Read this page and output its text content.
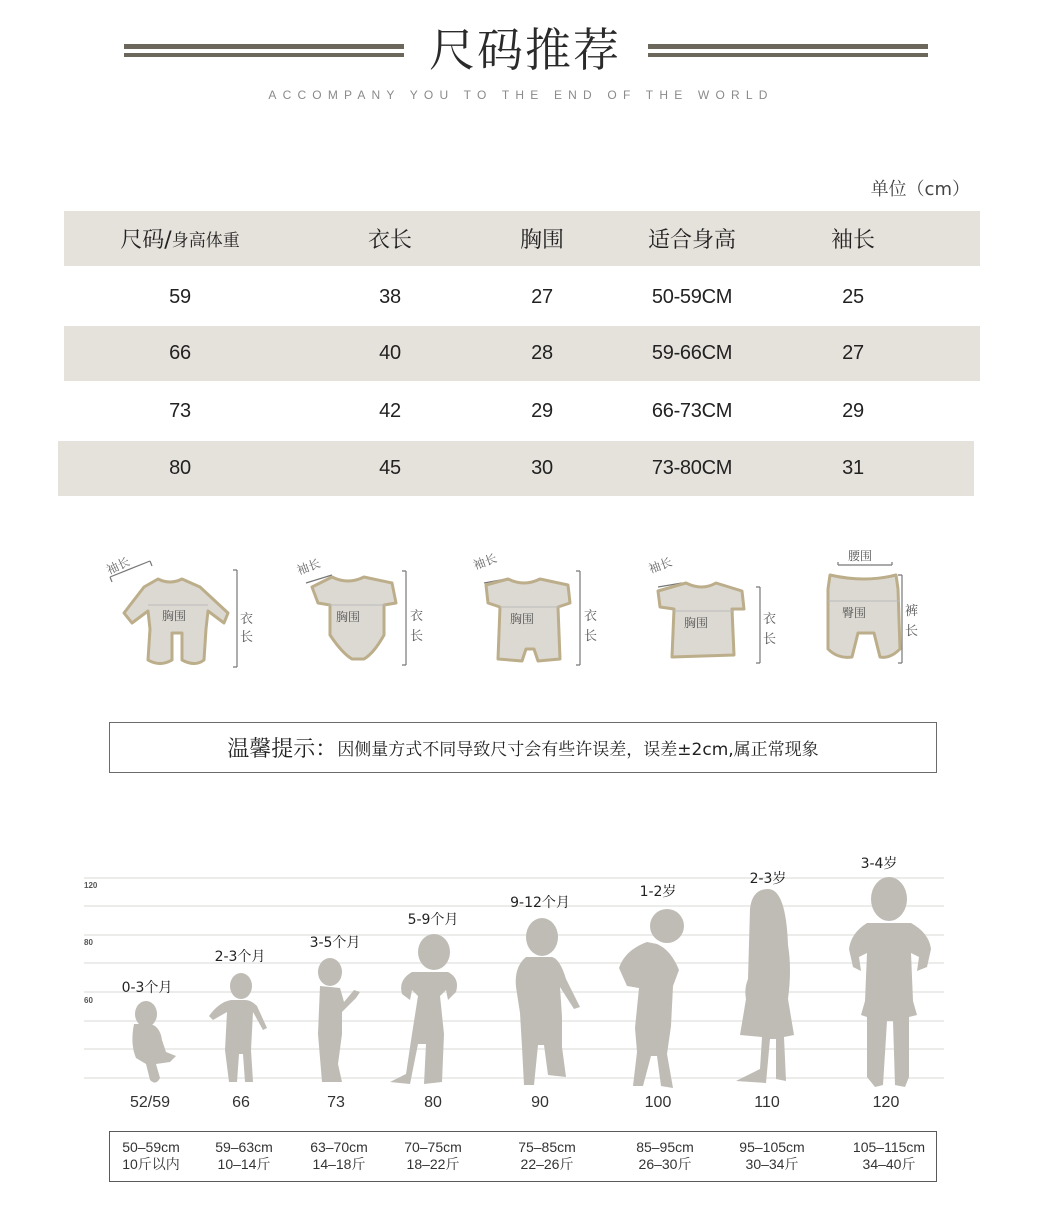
尺码推荐
ACCOMPANY YOU TO THE END OF THE WORLD
单位（cm）
尺码/ 身高体重	衣长	胸围	适合身高	袖长
59	38	27	50-59CM	25
66	40	28	59-66CM	27
73	42	29	66-73CM	29
80	45	30	73-80CM	31
袖长
胸围	衣
长
袖长
胸围	衣
长
袖长
胸围	衣
长
袖长
胸围	衣
长
腰围
臀围	裤
长
温馨提示： 因侧量方式不同导致尺寸会有些许误差，误差±2cm,属正常现象
120
80
60
0-3个月
2-3个月
3-5个月
5-9个月
9-12个月
1-2岁
2-3岁
3-4岁
52/59	66	73	80	90	100	110	120
50–59cm
10斤以内
59–63cm
10–14斤
63–70cm
14–18斤
70–75cm
18–22斤
75–85cm
22–26斤
85–95cm
26–30斤
95–105cm
30–34斤
105–115cm
34–40斤
